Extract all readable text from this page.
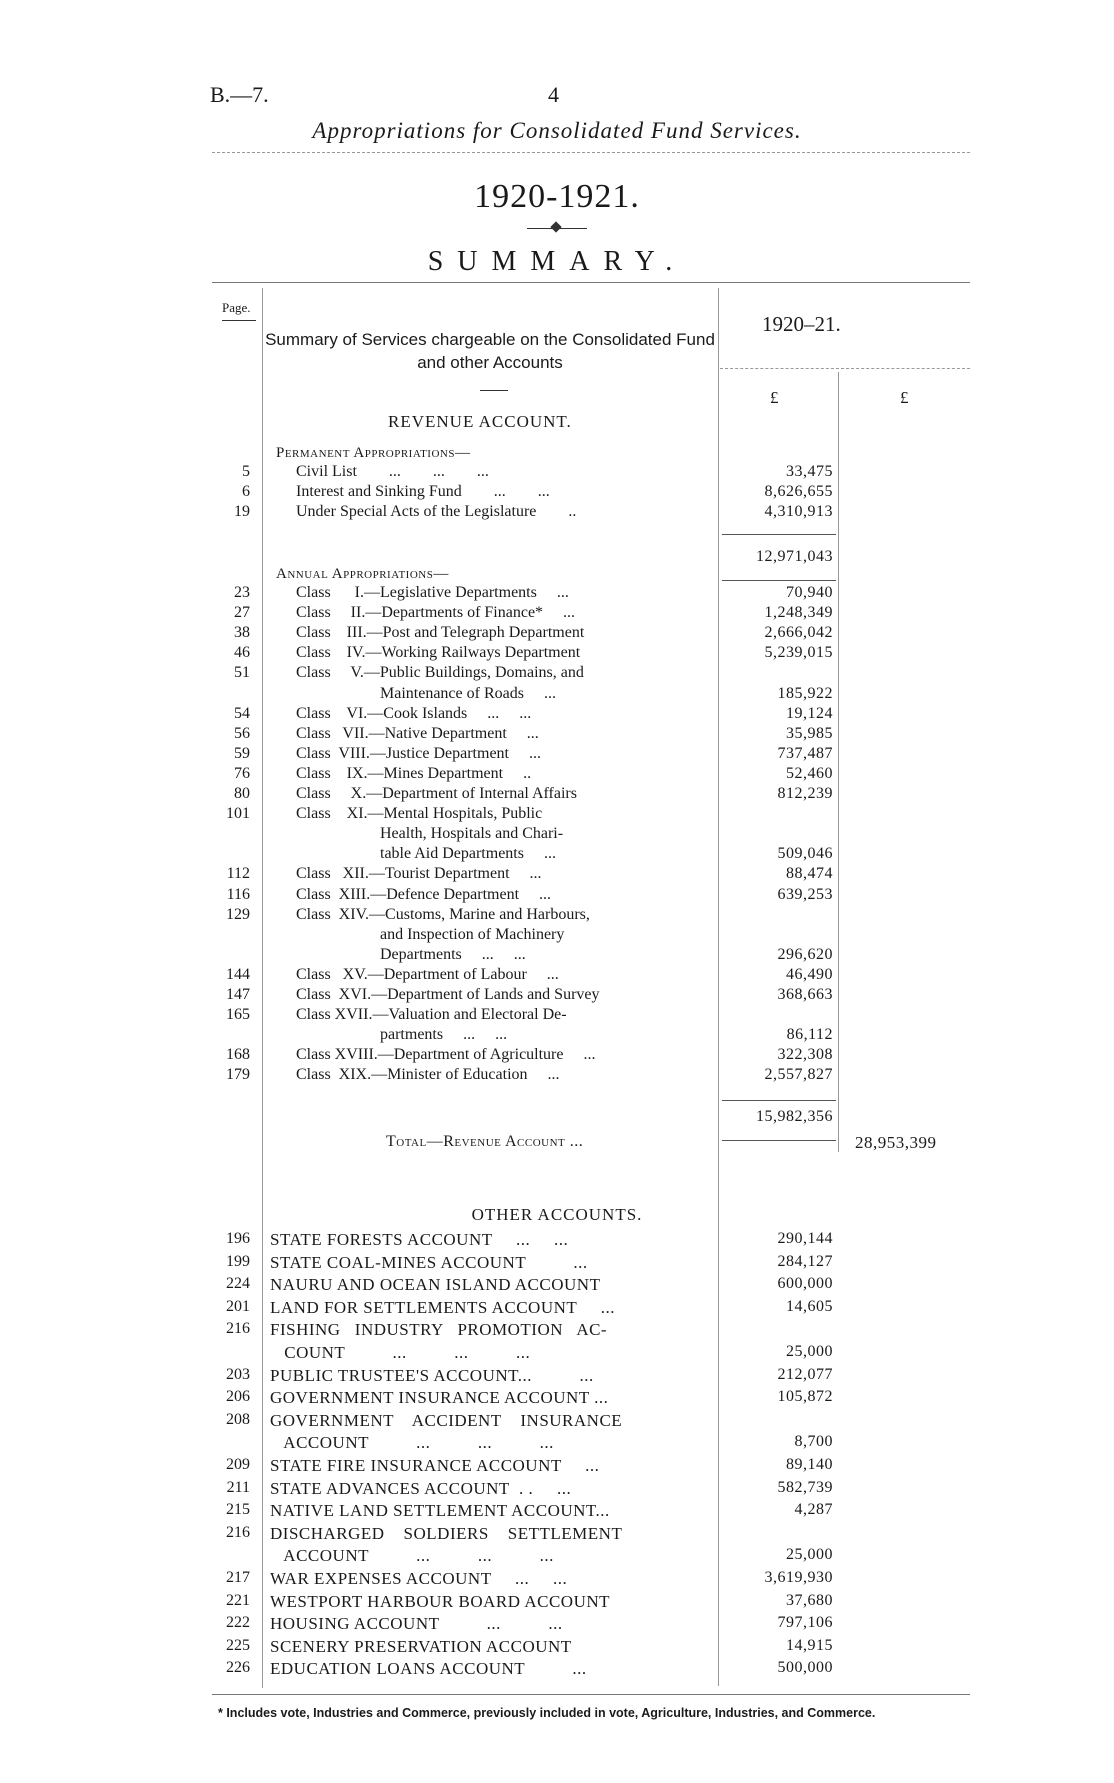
B.—7.	4
Appropriations for Consolidated Fund Services.
1920-1921.
SUMMARY.
Page.
Summary of Services chargeable on the Consolidated Fund and other Accounts
1920–21.
£	£
REVENUE ACCOUNT.
Permanent Appropriations—
5	Civil List        ...        ...        ...	33,475
6	Interest and Sinking Fund        ...        ...	8,626,655
19	Under Special Acts of the Legislature        ..	4,310,913
12,971,043
Annual Appropriations—
23	Class      I.—Legislative Departments     ...	70,940
27	Class     II.—Departments of Finance*     ...	1,248,349
38	Class    III.—Post and Telegraph Department	2,666,042
46	Class    IV.—Working Railways Department	5,239,015
51	Class     V.—Public Buildings, Domains, and
Maintenance of Roads     ...	185,922
54	Class    VI.—Cook Islands     ...     ...	19,124
56	Class   VII.—Native Department     ...	35,985
59	Class  VIII.—Justice Department     ...	737,487
76	Class    IX.—Mines Department     ..	52,460
80	Class     X.—Department of Internal Affairs	812,239
101	Class    XI.—Mental Hospitals, Public
Health, Hospitals and Chari-
table Aid Departments     ...	509,046
112	Class   XII.—Tourist Department     ...	88,474
116	Class  XIII.—Defence Department     ...	639,253
129	Class  XIV.—Customs, Marine and Harbours,
and Inspection of Machinery
Departments     ...     ...	296,620
144	Class   XV.—Department of Labour     ...	46,490
147	Class  XVI.—Department of Lands and Survey	368,663
165	Class XVII.—Valuation and Electoral De-
partments     ...     ...	86,112
168	Class XVIII.—Department of Agriculture     ...	322,308
179	Class  XIX.—Minister of Education     ...	2,557,827
15,982,356
Total—Revenue Account ...	28,953,399
OTHER ACCOUNTS.
196 STATE FORESTS ACCOUNT     ...     ...	290,144
199 STATE COAL-MINES ACCOUNT          ...	284,127
224 NAURU AND OCEAN ISLAND ACCOUNT	600,000
201 LAND FOR SETTLEMENTS ACCOUNT     ...	14,605
216 FISHING   INDUSTRY   PROMOTION   AC-
COUNT          ...          ...          ...	25,000
203 PUBLIC TRUSTEE'S ACCOUNT...          ...	212,077
206 GOVERNMENT INSURANCE ACCOUNT ...	105,872
208 GOVERNMENT    ACCIDENT    INSURANCE
ACCOUNT          ...          ...          ...	8,700
209 STATE FIRE INSURANCE ACCOUNT     ...	89,140
211 STATE ADVANCES ACCOUNT  . .     ...	582,739
215 NATIVE LAND SETTLEMENT ACCOUNT...	4,287
216 DISCHARGED    SOLDIERS    SETTLEMENT
ACCOUNT          ...          ...          ...	25,000
217 WAR EXPENSES ACCOUNT     ...     ...	3,619,930
221 WESTPORT HARBOUR BOARD ACCOUNT	37,680
222 HOUSING ACCOUNT          ...          ...	797,106
225 SCENERY PRESERVATION ACCOUNT	14,915
226 EDUCATION LOANS ACCOUNT          ...	500,000
* Includes vote, Industries and Commerce, previously included in vote, Agriculture, Industries, and Commerce.
